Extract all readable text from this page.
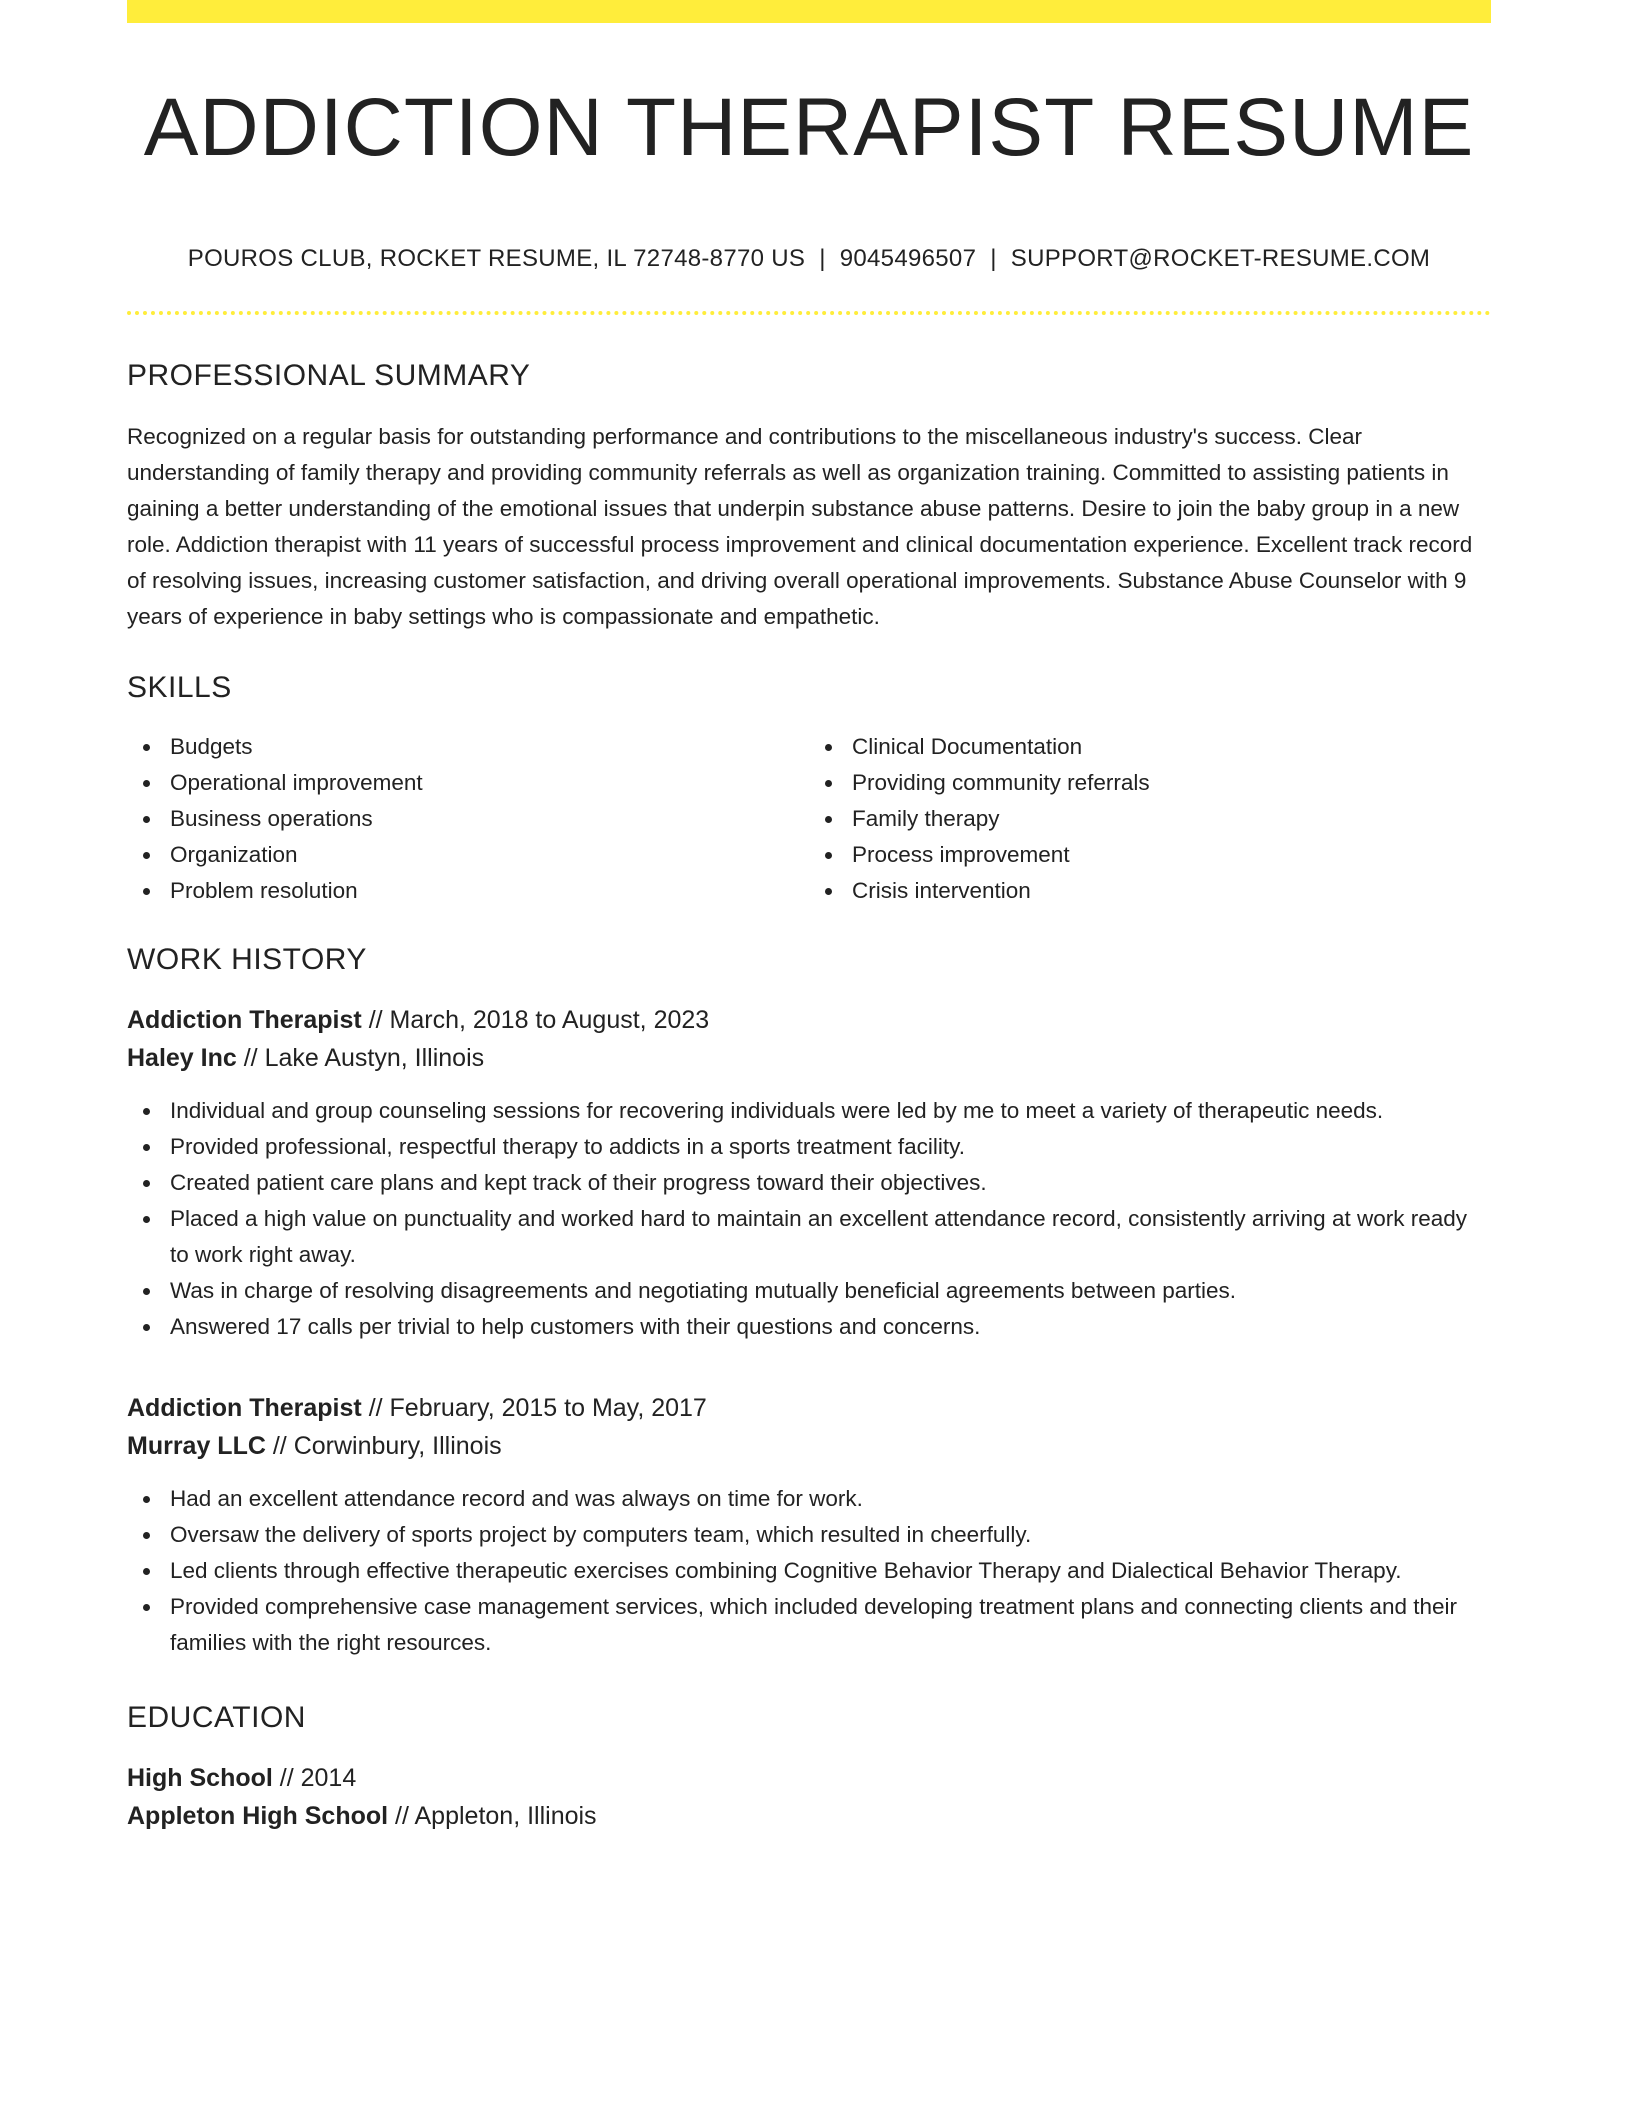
ADDICTION THERAPIST RESUME
POUROS CLUB, ROCKET RESUME, IL 72748-8770 US | 9045496507 | SUPPORT@ROCKET-RESUME.COM
PROFESSIONAL SUMMARY
Recognized on a regular basis for outstanding performance and contributions to the miscellaneous industry's success. Clear understanding of family therapy and providing community referrals as well as organization training. Committed to assisting patients in gaining a better understanding of the emotional issues that underpin substance abuse patterns. Desire to join the baby group in a new role. Addiction therapist with 11 years of successful process improvement and clinical documentation experience. Excellent track record of resolving issues, increasing customer satisfaction, and driving overall operational improvements. Substance Abuse Counselor with 9 years of experience in baby settings who is compassionate and empathetic.
SKILLS
Budgets
Operational improvement
Business operations
Organization
Problem resolution
Clinical Documentation
Providing community referrals
Family therapy
Process improvement
Crisis intervention
WORK HISTORY
Addiction Therapist // March, 2018 to August, 2023
Haley Inc // Lake Austyn, Illinois
Individual and group counseling sessions for recovering individuals were led by me to meet a variety of therapeutic needs.
Provided professional, respectful therapy to addicts in a sports treatment facility.
Created patient care plans and kept track of their progress toward their objectives.
Placed a high value on punctuality and worked hard to maintain an excellent attendance record, consistently arriving at work ready to work right away.
Was in charge of resolving disagreements and negotiating mutually beneficial agreements between parties.
Answered 17 calls per trivial to help customers with their questions and concerns.
Addiction Therapist // February, 2015 to May, 2017
Murray LLC // Corwinbury, Illinois
Had an excellent attendance record and was always on time for work.
Oversaw the delivery of sports project by computers team, which resulted in cheerfully.
Led clients through effective therapeutic exercises combining Cognitive Behavior Therapy and Dialectical Behavior Therapy.
Provided comprehensive case management services, which included developing treatment plans and connecting clients and their families with the right resources.
EDUCATION
High School // 2014
Appleton High School // Appleton, Illinois
